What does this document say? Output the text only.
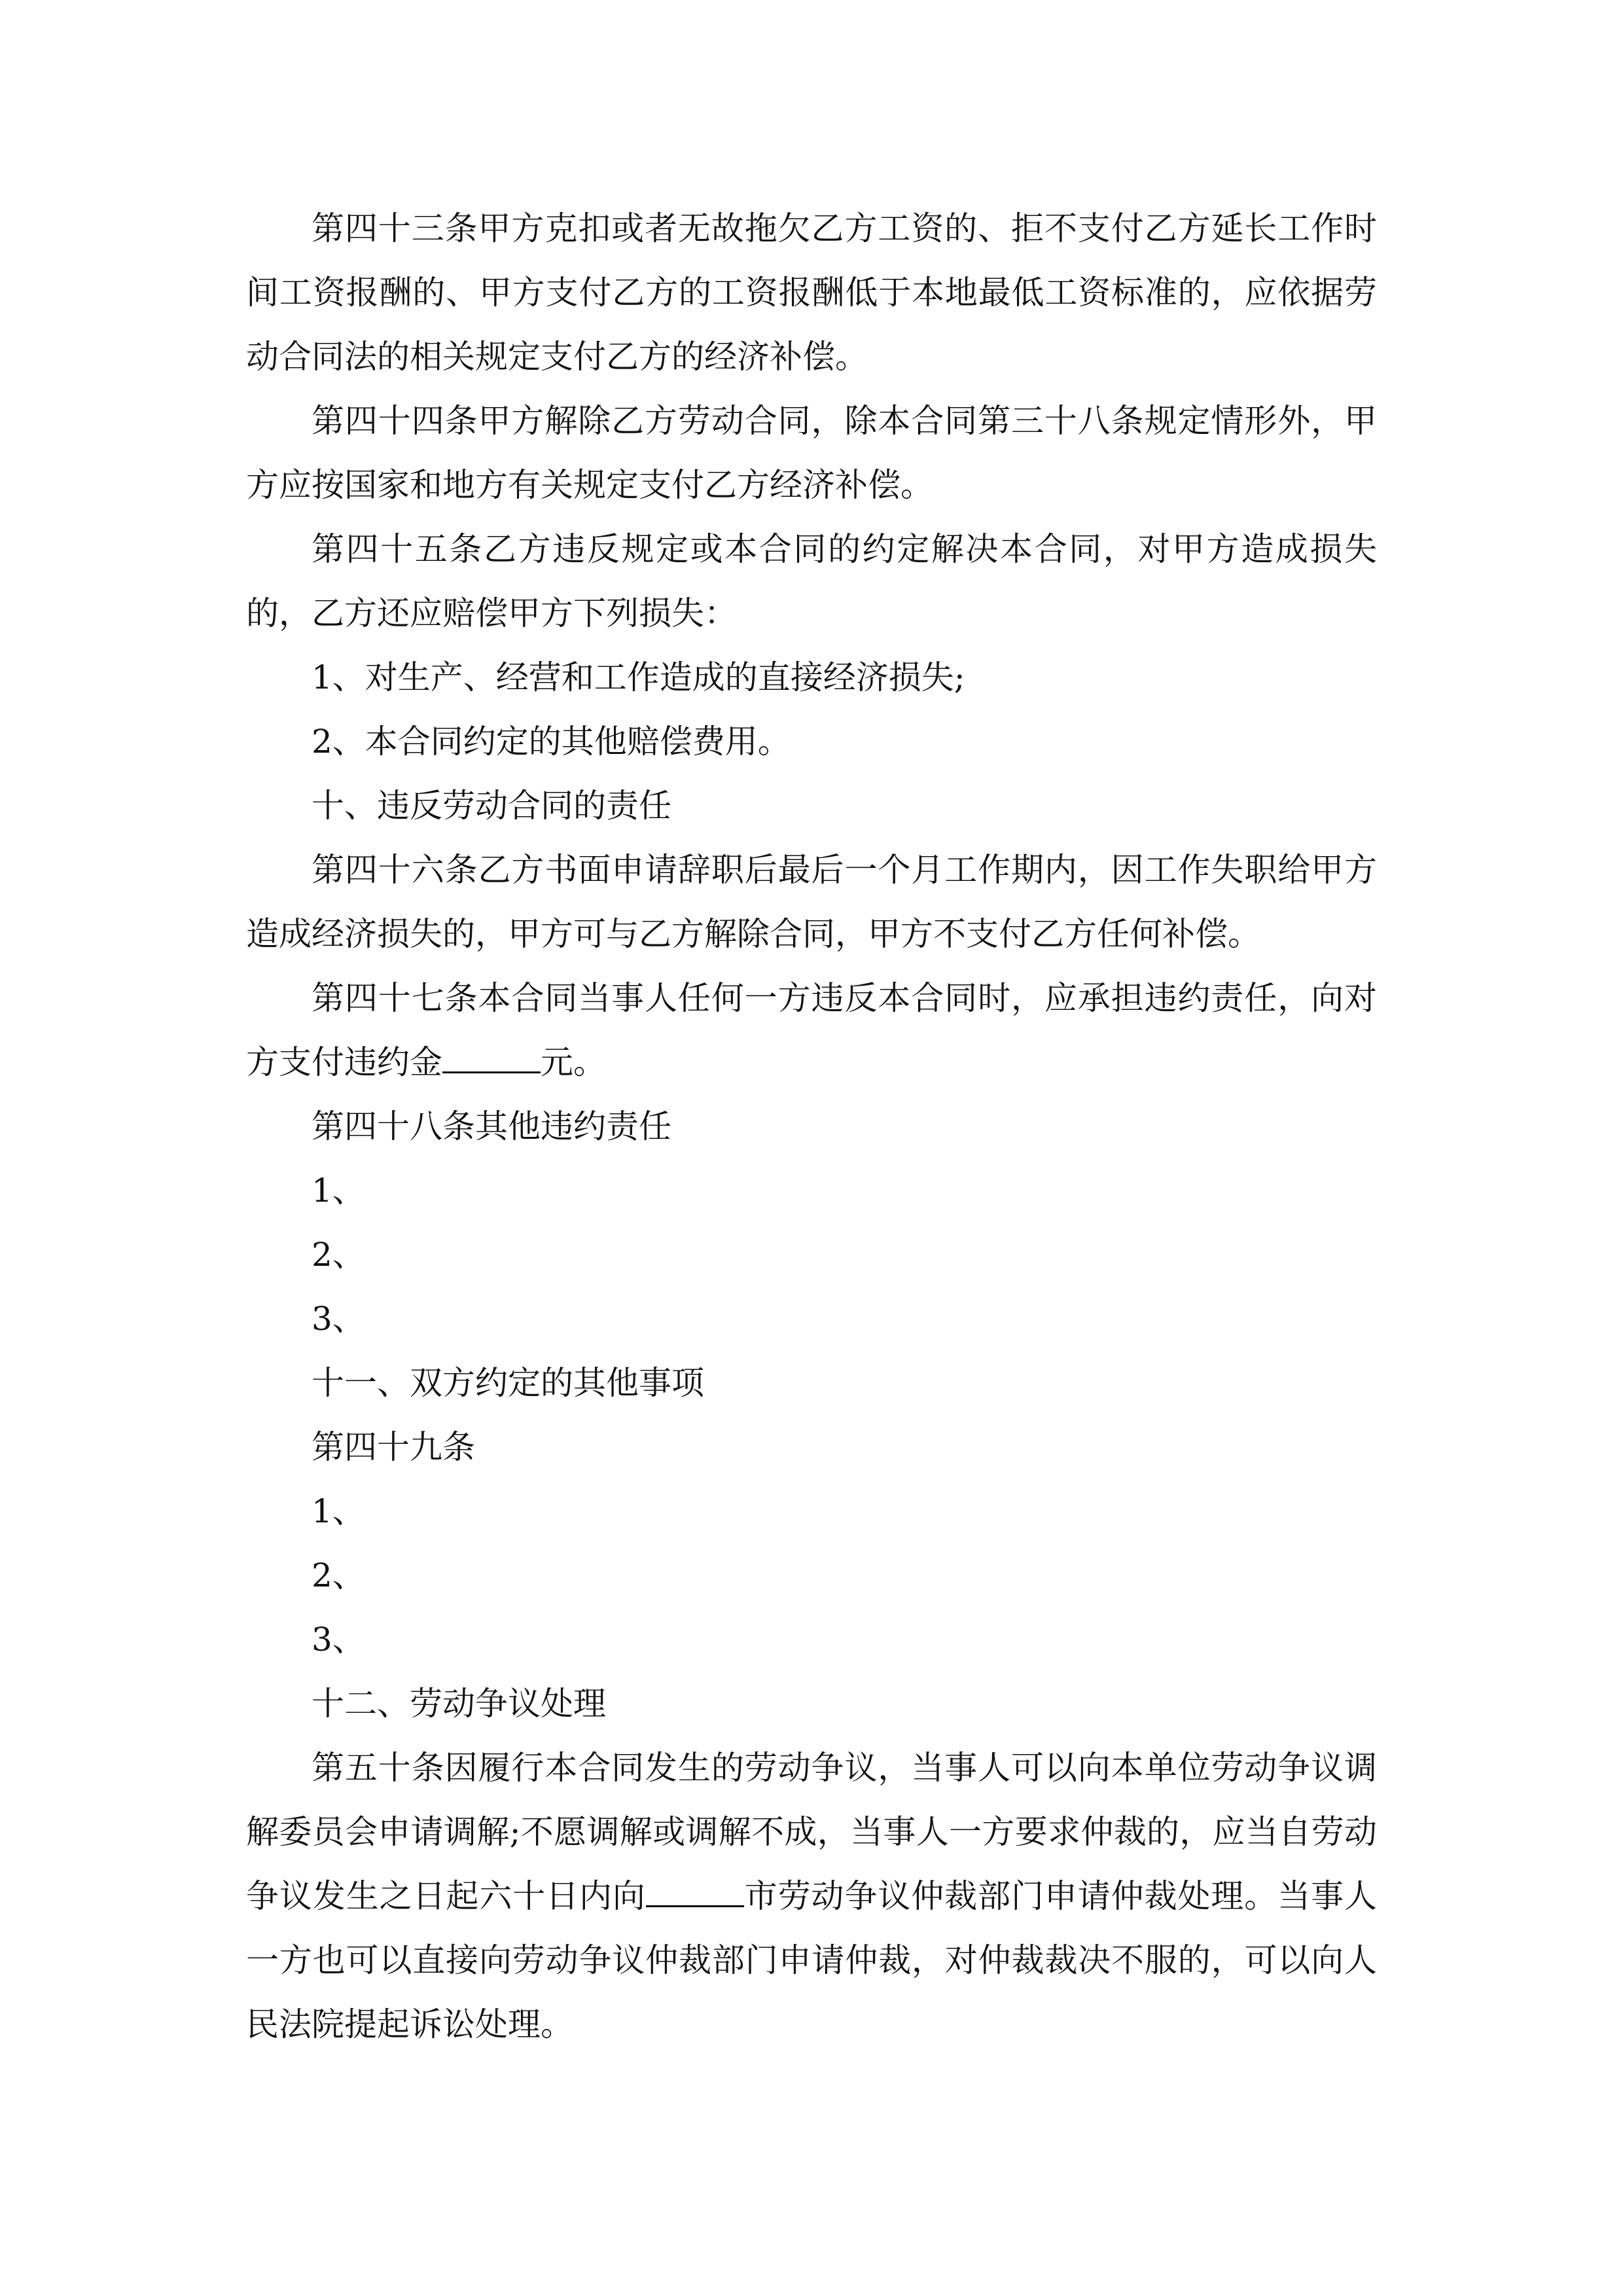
第四十三条甲方克扣或者无故拖欠乙方工资的、拒不支付乙方延长工作时间工资报酬的、甲方支付乙方的工资报酬低于本地最低工资标准的，应依据劳动合同法的相关规定支付乙方的经济补偿。

第四十四条甲方解除乙方劳动合同，除本合同第三十八条规定情形外，甲方应按国家和地方有关规定支付乙方经济补偿。

第四十五条乙方违反规定或本合同的约定解决本合同，对甲方造成损失的，乙方还应赔偿甲方下列损失：

1、对生产、经营和工作造成的直接经济损失;

2、本合同约定的其他赔偿费用。

十、违反劳动合同的责任

第四十六条乙方书面申请辞职后最后一个月工作期内，因工作失职给甲方造成经济损失的，甲方可与乙方解除合同，甲方不支付乙方任何补偿。

第四十七条本合同当事人任何一方违反本合同时，应承担违约责任，向对方支付违约金	元。

第四十八条其他违约责任

1、

2、

3、

十一、双方约定的其他事项

第四十九条

1、

2、

3、

十二、劳动争议处理

第五十条因履行本合同发生的劳动争议，当事人可以向本单位劳动争议调解委员会申请调解;不愿调解或调解不成，当事人一方要求仲裁的，应当自劳动争议发生之日起六十日内向	市劳动争议仲裁部门申请仲裁处理。当事人一方也可以直接向劳动争议仲裁部门申请仲裁，对仲裁裁决不服的，可以向人民法院提起诉讼处理。
